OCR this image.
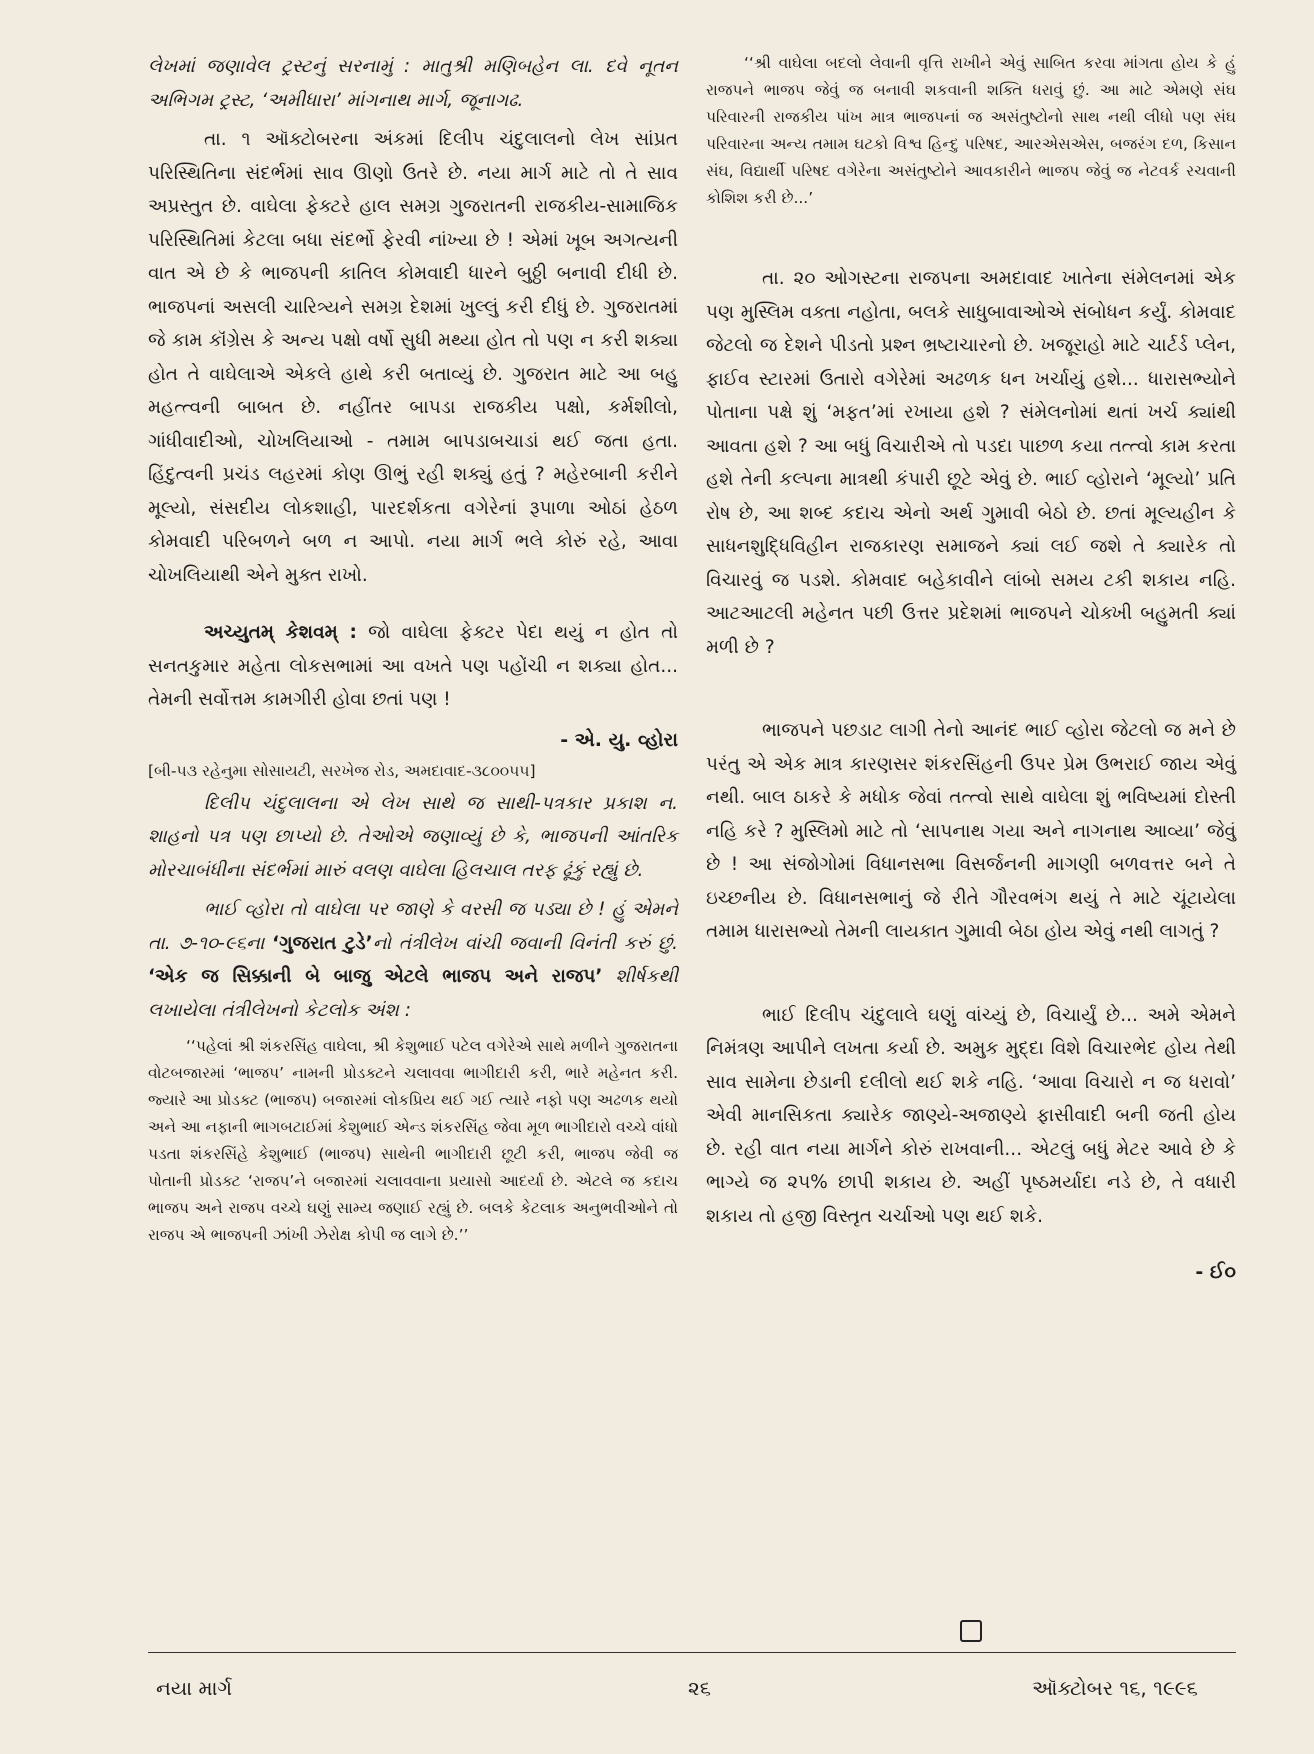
લેખમાં જણાવેલ ટ્રસ્ટનું સરનામું : માતુશ્રી મણિબહેન લા. દવે નૂતન અભિગમ ટ્રસ્ટ, ‘અમીધારા’ માંગનાથ માર્ગ, જૂનાગઢ.

તા. ૧ ઑક્ટોબરના અંકમાં દિલીપ ચંદુલાલનો લેખ સાંપ્રત પરિસ્થિતિના સંદર્ભમાં સાવ ઊણો ઉતરે છે. નયા માર્ગ માટે તો તે સાવ અપ્રસ્તુત છે. વાઘેલા ફેક્ટરે હાલ સમગ્ર ગુજરાતની રાજકીય-સામાજિક પરિસ્થિતિમાં કેટલા બધા સંદર્ભો ફેરવી નાંખ્યા છે ! એમાં ખૂબ અગત્યની વાત એ છે કે ભાજપની કાતિલ કોમવાદી ધારને બુઠ્ઠી બનાવી દીધી છે. ભાજપનાં અસલી ચારિત્ર્યને સમગ્ર દેશમાં ખુલ્લું કરી દીધું છે. ગુજરાતમાં જે કામ કૉંગ્રેસ કે અન્ય પક્ષો વર્ષો સુધી મથ્યા હોત તો પણ ન કરી શક્યા હોત તે વાઘેલાએ એકલે હાથે કરી બતાવ્યું છે. ગુજરાત માટે આ બહુ મહત્ત્વની બાબત છે. નહીંતર બાપડા રાજકીય પક્ષો, કર્મશીલો, ગાંધીવાદીઓ, ચોખલિયાઓ - તમામ બાપડાબચાડાં થઈ જતા હતા. હિંદુત્વની પ્રચંડ લહરમાં કોણ ઊભું રહી શક્યું હતું ? મહેરબાની કરીને મૂલ્યો, સંસદીય લોકશાહી, પારદર્શકતા વગેરેનાં રૂપાળા ઓઠાં હેઠળ કોમવાદી પરિબળને બળ ન આપો. નયા માર્ગ ભલે કોરું રહે, આવા ચોખલિયાથી એને મુક્ત રાખો.

અચ્યુતમ્ કેશવમ્ : જો વાઘેલા ફેક્ટર પેદા થયું ન હોત તો સનતકુમાર મહેતા લોકસભામાં આ વખતે પણ પહોંચી ન શક્યા હોત... તેમની સર્વોત્તમ કામગીરી હોવા છતાં પણ !

- એ. યુ. વ્હોરા

[બી-૫૩ રહેનુમા સોસાયટી, સરખેજ રોડ, અમદાવાદ-૩૮૦૦૫૫]

દિલીપ ચંદુલાલના એ લેખ સાથે જ સાથી-પત્રકાર પ્રકાશ ન. શાહનો પત્ર પણ છાપ્યો છે. તેઓએ જણાવ્યું છે કે, ભાજપની આંતરિક મોરચાબંધીના સંદર્ભમાં મારું વલણ વાઘેલા હિલચાલ તરફ ઢૂંકું રહ્યું છે.

ભાઈ વ્હોરા તો વાઘેલા પર જાણે કે વરસી જ પડ્યા છે ! હું એમને તા. ૭-૧૦-૯૬ના ‘ગુજરાત ટુડે’નો તંત્રીલેખ વાંચી જવાની વિનંતી કરું છું. ‘એક જ સિક્કાની બે બાજુ એટલે ભાજપ અને રાજપ’ શીર્ષકથી લખાયેલા તંત્રીલેખનો કેટલોક અંશ :

‘‘પહેલાં શ્રી શંકરસિંહ વાઘેલા, શ્રી કેશુભાઈ પટેલ વગેરેએ સાથે મળીને ગુજરાતના વોટબજારમાં ‘ભાજપ’ નામની પ્રોડક્ટને ચલાવવા ભાગીદારી કરી, ભારે મહેનત કરી. જ્યારે આ પ્રોડક્ટ (ભાજપ) બજારમાં લોકપ્રિય થઈ ગઈ ત્યારે નફો પણ અઢળક થયો અને આ નફાની ભાગબટાઈમાં કેશુભાઈ એન્ડ શંકરસિંહ જેવા મૂળ ભાગીદારો વચ્ચે વાંધો પડતા શંકરસિંહે કેશુભાઈ (ભાજપ) સાથેની ભાગીદારી છૂટી કરી, ભાજપ જેવી જ પોતાની પ્રોડક્ટ ‘રાજપ’ને બજારમાં ચલાવવાના પ્રયાસો આદર્યા છે. એટલે જ કદાચ ભાજપ અને રાજપ વચ્ચે ઘણું સામ્ય જણાઈ રહ્યું છે. બલકે કેટલાક અનુભવીઓને તો રાજપ એ ભાજપની ઝાંખી ઝેરોક્ષ કોપી જ લાગે છે.’’

‘‘શ્રી વાઘેલા બદલો લેવાની વૃત્તિ રાખીને એવું સાબિત કરવા માંગતા હોય કે હું રાજપને ભાજપ જેવું જ બનાવી શકવાની શક્તિ ધરાવું છું. આ માટે એમણે સંઘ પરિવારની રાજકીય પાંખ માત્ર ભાજપનાં જ અસંતુષ્ટોનો સાથ નથી લીધો પણ સંઘ પરિવારના અન્ય તમામ ઘટકો વિશ્વ હિન્દુ પરિષદ, આરએસએસ, બજરંગ દળ, કિસાન સંઘ, વિદ્યાર્થી પરિષદ વગેરેના અસંતુષ્ટોને આવકારીને ભાજપ જેવું જ નેટવર્ક રચવાની કોશિશ કરી છે...’

તા. ૨૦ ઓગસ્ટના રાજપના અમદાવાદ ખાતેના સંમેલનમાં એક પણ મુસ્લિમ વક્તા નહોતા, બલકે સાધુબાવાઓએ સંબોધન કર્યું. કોમવાદ જેટલો જ દેશને પીડતો પ્રશ્ન ભ્રષ્ટાચારનો છે. ખજૂરાહો માટે ચાર્ટર્ડ પ્લેન, ફાઈવ સ્ટારમાં ઉતારો વગેરેમાં અઢળક ધન ખર્ચાયું હશે... ધારાસભ્યોને પોતાના પક્ષે શું ‘મફત’માં રખાયા હશે ? સંમેલનોમાં થતાં ખર્ચ ક્યાંથી આવતા હશે ? આ બધું વિચારીએ તો પડદા પાછળ કયા તત્ત્વો કામ કરતા હશે તેની કલ્પના માત્રથી કંપારી છૂટે એવું છે. ભાઈ વ્હોરાને ‘મૂલ્યો’ પ્રતિ રોષ છે, આ શબ્દ કદાચ એનો અર્થ ગુમાવી બેઠો છે. છતાં મૂલ્યહીન કે સાધનશુદ્ધિવિહીન રાજકારણ સમાજને ક્યાં લઈ જશે તે ક્યારેક તો વિચારવું જ પડશે. કોમવાદ બહેકાવીને લાંબો સમય ટકી શકાય નહિ. આટઆટલી મહેનત પછી ઉત્તર પ્રદેશમાં ભાજપને ચોક્ખી બહુમતી ક્યાં મળી છે ?

ભાજપને પછડાટ લાગી તેનો આનંદ ભાઈ વ્હોરા જેટલો જ મને છે પરંતુ એ એક માત્ર કારણસર શંકરસિંહની ઉપર પ્રેમ ઉભરાઈ જાય એવું નથી. બાલ ઠાકરે કે મધોક જેવાં તત્ત્વો સાથે વાઘેલા શું ભવિષ્યમાં દોસ્તી નહિ કરે ? મુસ્લિમો માટે તો ‘સાપનાથ ગયા અને નાગનાથ આવ્યા’ જેવું છે ! આ સંજોગોમાં વિધાનસભા વિસર્જનની માગણી બળવત્તર બને તે ઇચ્છનીય છે. વિધાનસભાનું જે રીતે ગૌરવભંગ થયું તે માટે ચૂંટાયેલા તમામ ધારાસભ્યો તેમની લાયકાત ગુમાવી બેઠા હોય એવું નથી લાગતું ?

ભાઈ દિલીપ ચંદુલાલે ઘણું વાંચ્યું છે, વિચાર્યું છે... અમે એમને નિમંત્રણ આપીને લખતા કર્યા છે. અમુક મુદ્દા વિશે વિચારભેદ હોય તેથી સાવ સામેના છેડાની દલીલો થઈ શકે નહિ. ‘આવા વિચારો ન જ ધરાવો’ એવી માનસિકતા ક્યારેક જાણ્યે-અજાણ્યે ફાસીવાદી બની જતી હોય છે. રહી વાત નયા માર્ગને કોરું રાખવાની... એટલું બધું મેટર આવે છે કે ભાગ્યે જ ૨૫% છાપી શકાય છે. અહીં પૃષ્ઠમર્યાદા નડે છે, તે વધારી શકાય તો હજી વિસ્તૃત ચર્ચાઓ પણ થઈ શકે.

- ઈ૦

નયા માર્ગ	૨૬	ઑક્ટોબર ૧૬, ૧૯૯૬
